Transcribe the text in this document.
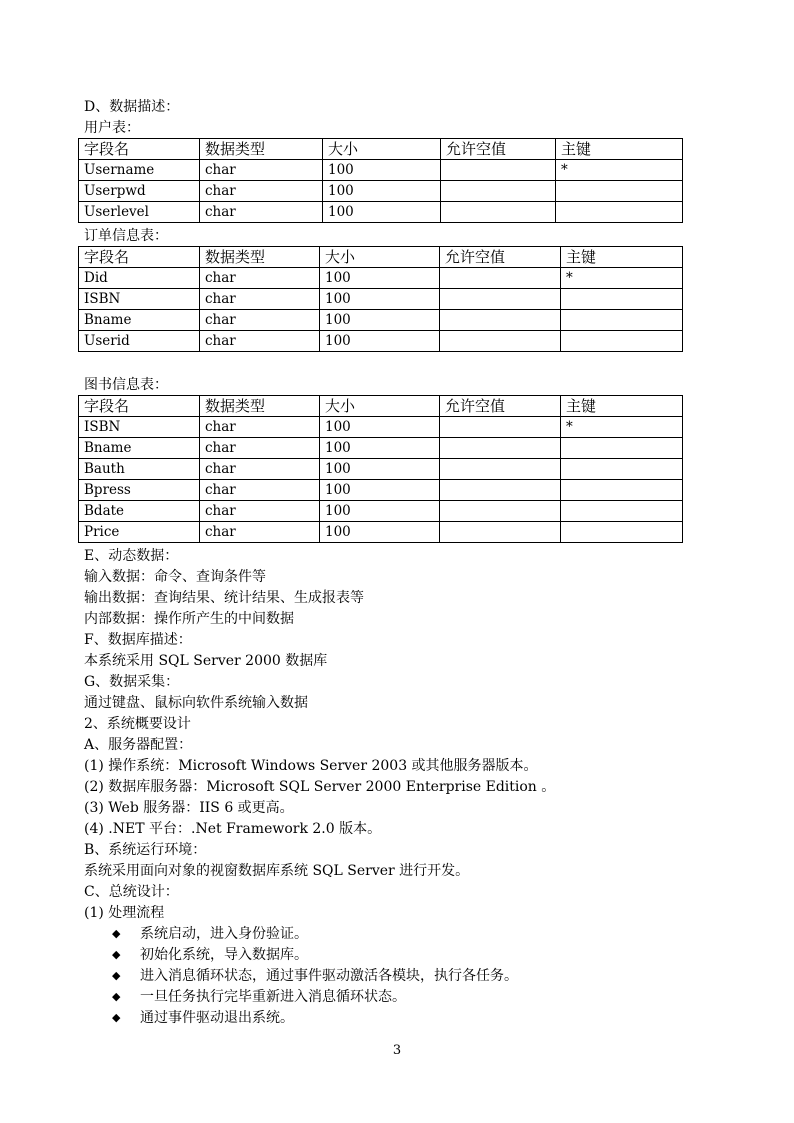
D、数据描述：
用户表：
字段名	数据类型	大小	允许空值	主键
Username	char	100		*
Userpwd	char	100		
Userlevel	char	100		
订单信息表：
字段名	数据类型	大小	允许空值	主键
Did	char	100		*
ISBN	char	100		
Bname	char	100		
Userid	char	100		
图书信息表：
字段名	数据类型	大小	允许空值	主键
ISBN	char	100		*
Bname	char	100		
Bauth	char	100		
Bpress	char	100		
Bdate	char	100		
Price	char	100		
E、动态数据：
输入数据：命令、查询条件等
输出数据：查询结果、统计结果、生成报表等
内部数据：操作所产生的中间数据
F、数据库描述：
本系统采用 SQL Server 2000 数据库
G、数据采集：
通过键盘、鼠标向软件系统输入数据
2、系统概要设计
A、服务器配置：
(1) 操作系统：Microsoft Windows Server 2003 或其他服务器版本。
(2) 数据库服务器：Microsoft SQL Server 2000 Enterprise Edition 。
(3) Web 服务器：IIS 6 或更高。
(4) .NET 平台：.Net Framework 2.0 版本。
B、系统运行环境：
系统采用面向对象的视窗数据库系统 SQL Server 进行开发。
C、总统设计：
(1) 处理流程
◆ 系统启动，进入身份验证。
◆ 初始化系统，导入数据库。
◆ 进入消息循环状态，通过事件驱动激活各模块，执行各任务。
◆ 一旦任务执行完毕重新进入消息循环状态。
◆ 通过事件驱动退出系统。
3
